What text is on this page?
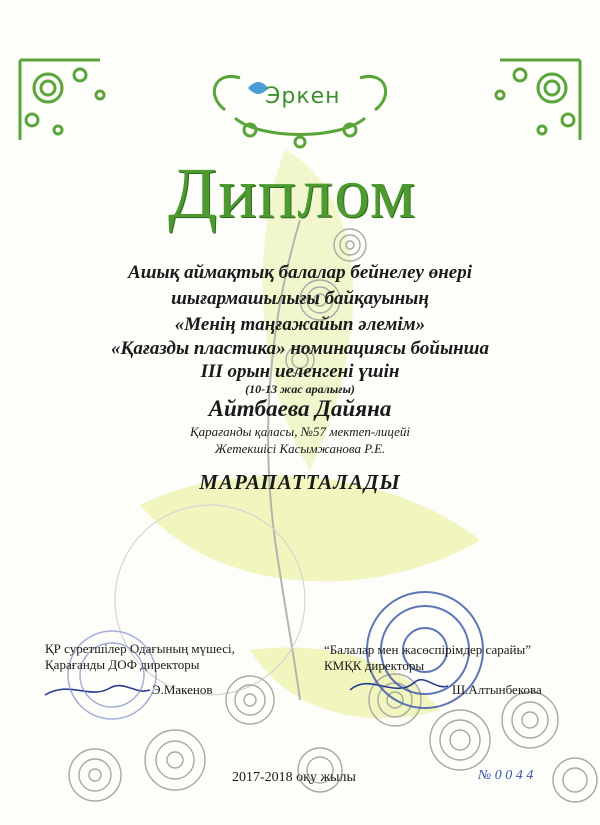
Эркен
Диплом
Ашық аймақтық балалар бейнелеу өнері
шығармашылығы байқауының
«Менің таңғажайып әлемім»
«Қағазды пластика» номинациясы бойынша
III орын иеленгені үшін
(10-13 жас аралығы)
Айтбаева Дайяна
Қарағанды қаласы, №57 мектеп-лицейі
Жетекшісі Касымжанова Р.Е.
МАРАПАТТАЛАДЫ
ҚР суретшілер Одағының мүшесі,
Қарағанды ДОФ директоры
Э.Макенов
“Балалар мен жасөспірімдер сарайы”
КМҚК директоры
Ш.Алтынбекова
2017-2018 оқу жылы	№ 0 0 4 4
